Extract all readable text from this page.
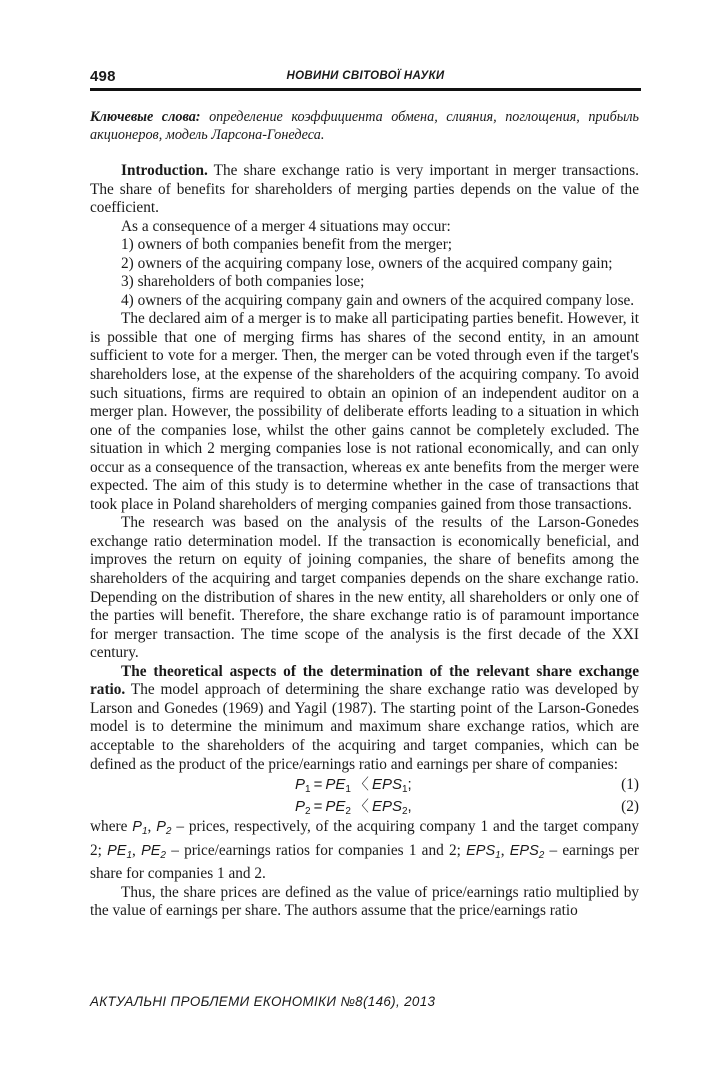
498	НОВИНИ СВІТОВОЇ НАУКИ
Ключевые слова: определение коэффициента обмена, слияния, поглощения, прибыль акционеров, модель Ларсона-Гонедеса.

Introduction. The share exchange ratio is very important in merger transactions. The share of benefits for shareholders of merging parties depends on the value of the coefficient.

As a consequence of a merger 4 situations may occur:

1) owners of both companies benefit from the merger;

2) owners of the acquiring company lose, owners of the acquired company gain;

3) shareholders of both companies lose;

4) owners of the acquiring company gain and owners of the acquired company lose.

The declared aim of a merger is to make all participating parties benefit. However, it is possible that one of merging firms has shares of the second entity, in an amount sufficient to vote for a merger. Then, the merger can be voted through even if the target's shareholders lose, at the expense of the shareholders of the acquiring company. To avoid such situations, firms are required to obtain an opinion of an independent auditor on a merger plan. However, the possibility of deliberate efforts leading to a situation in which one of the companies lose, whilst the other gains cannot be completely excluded. The situation in which 2 merging companies lose is not rational economically, and can only occur as a consequence of the transaction, whereas ex ante benefits from the merger were expected. The aim of this study is to determine whether in the case of transactions that took place in Poland shareholders of merging companies gained from those transactions.

The research was based on the analysis of the results of the Larson-Gonedes exchange ratio determination model. If the transaction is economically beneficial, and improves the return on equity of joining companies, the share of benefits among the shareholders of the acquiring and target companies depends on the share exchange ratio. Depending on the distribution of shares in the new entity, all shareholders or only one of the parties will benefit. Therefore, the share exchange ratio is of paramount importance for merger transaction. The time scope of the analysis is the first decade of the XXI century.

The theoretical aspects of the determination of the relevant share exchange ratio. The model approach of determining the share exchange ratio was developed by Larson and Gonedes (1969) and Yagil (1987). The starting point of the Larson-Gonedes model is to determine the minimum and maximum share exchange ratios, which are acceptable to the shareholders of the acquiring and target companies, which can be defined as the product of the price/earnings ratio and earnings per share of companies:

$P_1 = PE_1$ 〈 $EPS_1$;	(1)
$P_2 = PE_2$ 〈 $EPS_2$,	(2)

where $P_1$, $P_2$ – prices, respectively, of the acquiring company 1 and the target company 2; $PE_1$, $PE_2$ – price/earnings ratios for companies 1 and 2; $EPS_1$, $EPS_2$ – earnings per share for companies 1 and 2.

Thus, the share prices are defined as the value of price/earnings ratio multiplied by the value of earnings per share. The authors assume that the price/earnings ratio

АКТУАЛЬНІ ПРОБЛЕМИ ЕКОНОМІКИ №8(146), 2013
